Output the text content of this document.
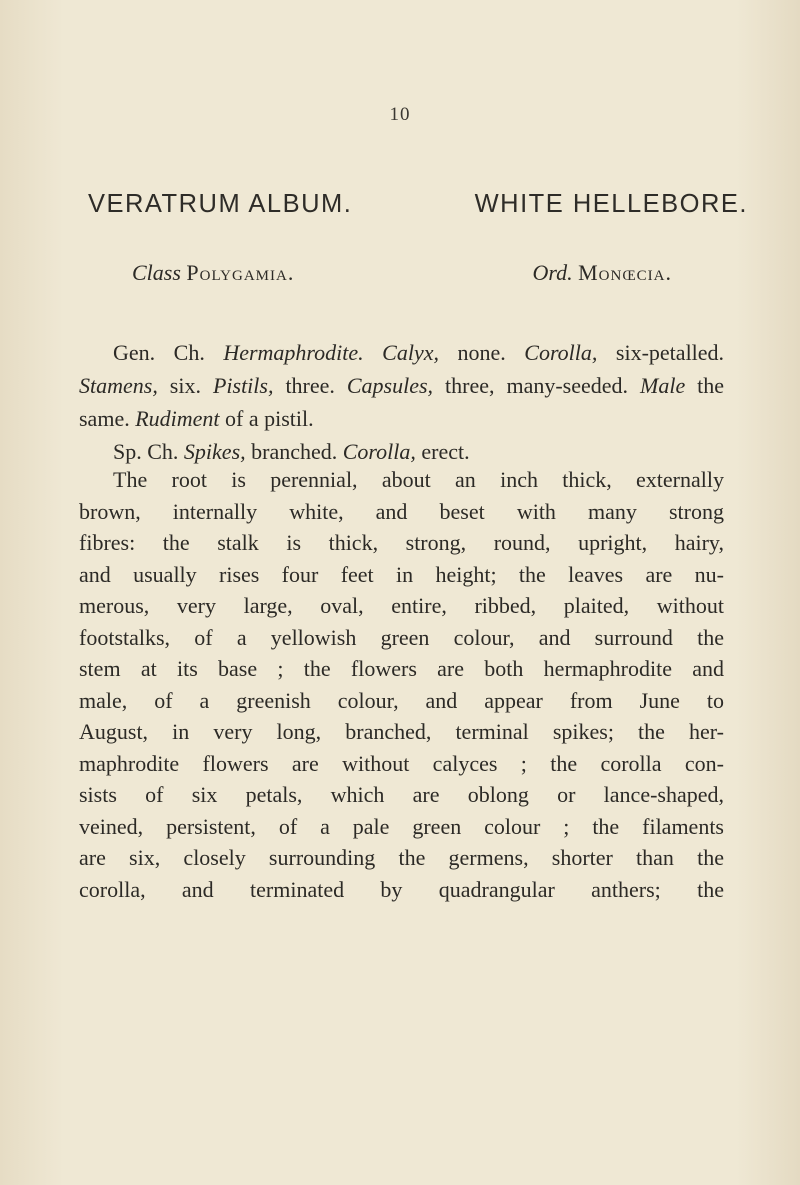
10
VERATRUM ALBUM.	WHITE HELLEBORE.
Class Polygamia.	Ord. Monœcia.

Gen. Ch. Hermaphrodite. Calyx, none. Corolla, six-petalled. Stamens, six. Pistils, three. Capsules, three, many-seeded. Male the same. Rudiment of a pistil.

Sp. Ch. Spikes, branched. Corolla, erect.

The root is perennial, about an inch thick, externally
brown, internally white, and beset with many strong
fibres: the stalk is thick, strong, round, upright, hairy,
and usually rises four feet in height; the leaves are nu-
merous, very large, oval, entire, ribbed, plaited, without
footstalks, of a yellowish green colour, and surround the
stem at its base ; the flowers are both hermaphrodite and
male, of a greenish colour, and appear from June to
August, in very long, branched, terminal spikes; the her-
maphrodite flowers are without calyces ; the corolla con-
sists of six petals, which are oblong or lance-shaped,
veined, persistent, of a pale green colour ; the filaments
are six, closely surrounding the germens, shorter than the
corolla, and terminated by quadrangular anthers; the
